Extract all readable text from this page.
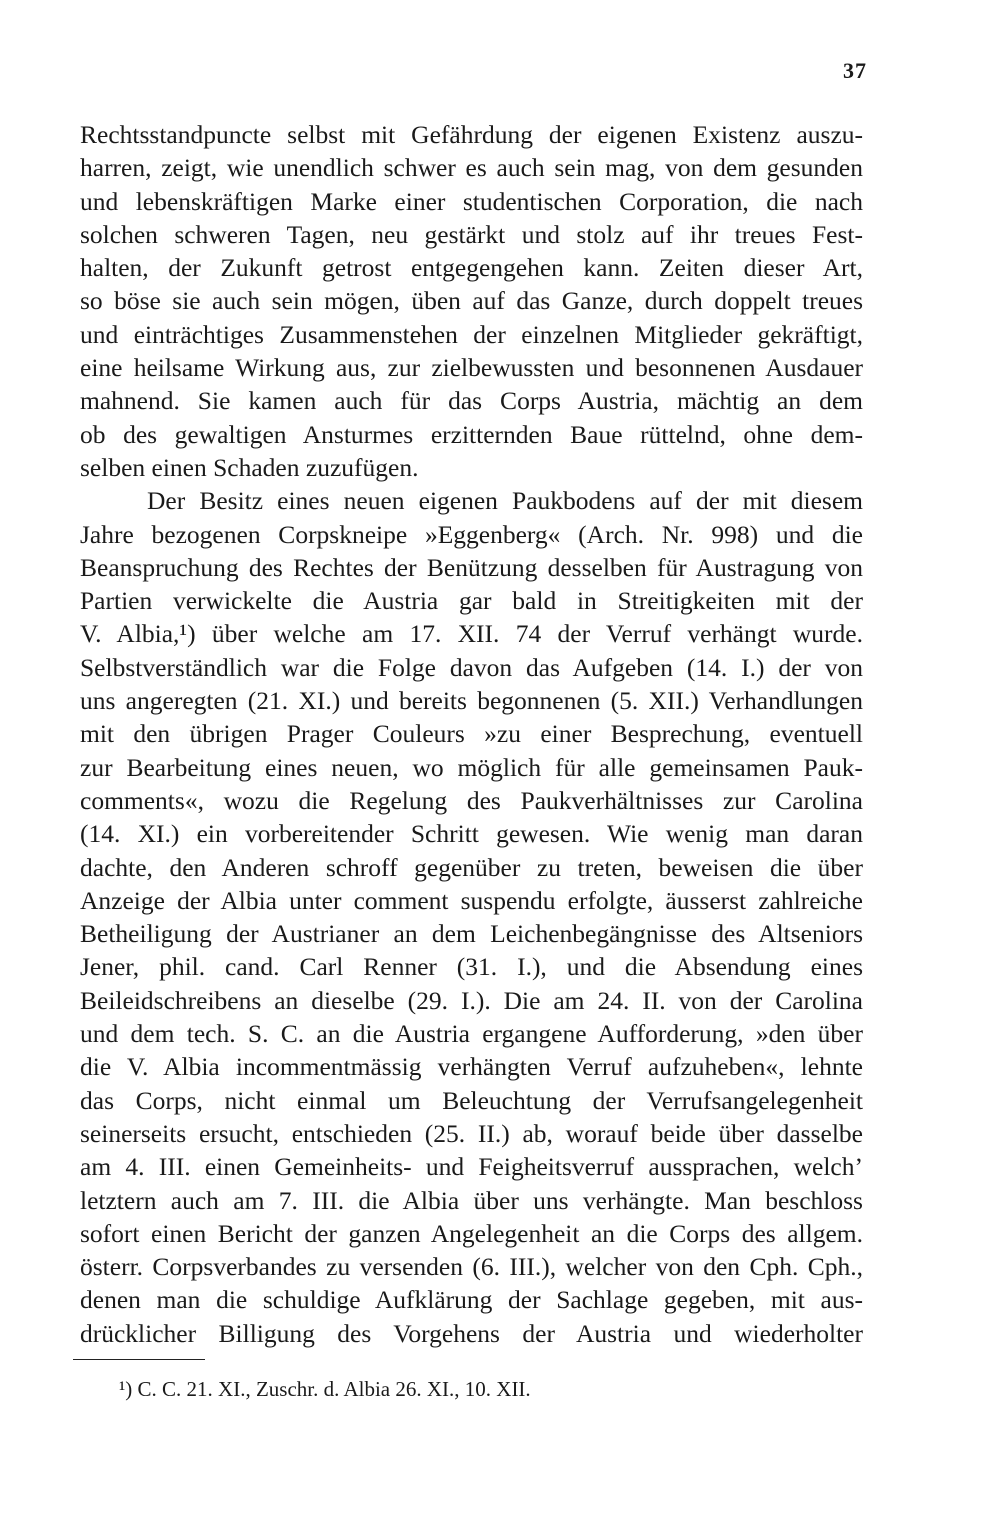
37
Rechtsstandpuncte selbst mit Gefährdung der eigenen Existenz auszu-
harren, zeigt, wie unendlich schwer es auch sein mag, von dem gesunden
und lebenskräftigen Marke einer studentischen Corporation, die nach
solchen schweren Tagen, neu gestärkt und stolz auf ihr treues Fest-
halten, der Zukunft getrost entgegengehen kann. Zeiten dieser Art,
so böse sie auch sein mögen, üben auf das Ganze, durch doppelt treues
und einträchtiges Zusammenstehen der einzelnen Mitglieder gekräftigt,
eine heilsame Wirkung aus, zur zielbewussten und besonnenen Ausdauer
mahnend. Sie kamen auch für das Corps Austria, mächtig an dem
ob des gewaltigen Ansturmes erzitternden Baue rüttelnd, ohne dem-
selben einen Schaden zuzufügen.
Der Besitz eines neuen eigenen Paukbodens auf der mit diesem
Jahre bezogenen Corpskneipe »Eggenberg« (Arch. Nr. 998) und die
Beanspruchung des Rechtes der Benützung desselben für Austragung von
Partien verwickelte die Austria gar bald in Streitigkeiten mit der
V. Albia,¹) über welche am 17. XII. 74 der Verruf verhängt wurde.
Selbstverständlich war die Folge davon das Aufgeben (14. I.) der von
uns angeregten (21. XI.) und bereits begonnenen (5. XII.) Verhandlungen
mit den übrigen Prager Couleurs »zu einer Besprechung, eventuell
zur Bearbeitung eines neuen, wo möglich für alle gemeinsamen Pauk-
comments«, wozu die Regelung des Paukverhältnisses zur Carolina
(14. XI.) ein vorbereitender Schritt gewesen. Wie wenig man daran
dachte, den Anderen schroff gegenüber zu treten, beweisen die über
Anzeige der Albia unter comment suspendu erfolgte, äusserst zahlreiche
Betheiligung der Austrianer an dem Leichenbegängnisse des Altseniors
Jener, phil. cand. Carl Renner (31. I.), und die Absendung eines
Beileidschreibens an dieselbe (29. I.). Die am 24. II. von der Carolina
und dem tech. S. C. an die Austria ergangene Aufforderung, »den über
die V. Albia incommentmässig verhängten Verruf aufzuheben«, lehnte
das Corps, nicht einmal um Beleuchtung der Verrufsangelegenheit
seinerseits ersucht, entschieden (25. II.) ab, worauf beide über dasselbe
am 4. III. einen Gemeinheits- und Feigheitsverruf aussprachen, welch’
letztern auch am 7. III. die Albia über uns verhängte. Man beschloss
sofort einen Bericht der ganzen Angelegenheit an die Corps des allgem.
österr. Corpsverbandes zu versenden (6. III.), welcher von den Cph. Cph.,
denen man die schuldige Aufklärung der Sachlage gegeben, mit aus-
drücklicher Billigung des Vorgehens der Austria und wiederholter
¹) C. C. 21. XI., Zuschr. d. Albia 26. XI., 10. XII.
